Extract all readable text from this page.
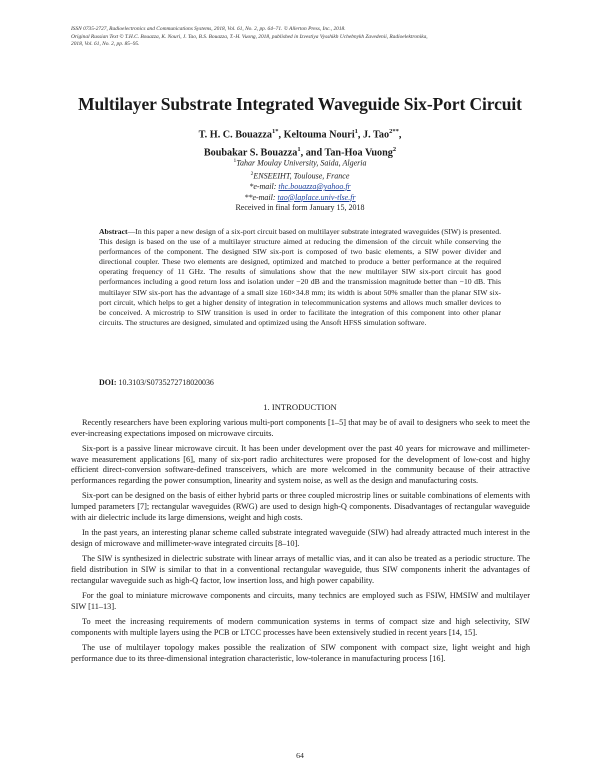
ISSN 0735-2727, Radioelectronics and Communications Systems, 2018, Vol. 61, No. 2, pp. 64–71. © Allerton Press, Inc., 2018.
Original Russian Text © T.H.C. Bouazza, K. Nouri, J. Tao, B.S. Bouazza, T.-H. Vuong, 2018, published in Izvestiya Vysshikh Uchebnykh Zavedenii, Radioelektronika,
2018, Vol. 61, No. 2, pp. 85–95.
Multilayer Substrate Integrated Waveguide Six-Port Circuit
T. H. C. Bouazza$^{1*}$, Keltouma Nouri$^1$, J. Tao$^{2**}$,
Boubakar S. Bouazza$^1$, and Tan-Hoa Vuong$^2$
$^1$Tahar Moulay University, Saida, Algeria
$^2$ENSEEIHT, Toulouse, France
*e-mail: thc.bouazza@yahoo.fr
**e-mail: tao@laplace.univ-tlse.fr
Received in final form January 15, 2018
Abstract—In this paper a new design of a six-port circuit based on multilayer substrate integrated waveguides (SIW) is presented. This design is based on the use of a multilayer structure aimed at reducing the dimension of the circuit while conserving the performances of the component. The designed SIW six-port is composed of two basic elements, a SIW power divider and directional coupler. These two elements are designed, optimized and matched to produce a better performance at the required operating frequency of 11 GHz. The results of simulations show that the new multilayer SIW six-port circuit has good performances including a good return loss and isolation under −20 dB and the transmission magnitude better than −10 dB. This multilayer SIW six-port has the advantage of a small size 160×34.8 mm; its width is about 50% smaller than the planar SIW six-port circuit, which helps to get a higher density of integration in telecommunication systems and allows much smaller devices to be conceived. A microstrip to SIW transition is used in order to facilitate the integration of this component into other planar circuits. The structures are designed, simulated and optimized using the Ansoft HFSS simulation software.
DOI: 10.3103/S0735272718020036
1. INTRODUCTION

Recently researchers have been exploring various multi-port components [1–5] that may be of avail to designers who seek to meet the ever-increasing expectations imposed on microwave circuits.

Six-port is a passive linear microwave circuit. It has been under development over the past 40 years for microwave and millimeter-wave measurement applications [6], many of six-port radio architectures were proposed for the development of low-cost and highy efficient direct-conversion software-defined transceivers, which are more welcomed in the community because of their attractive performances regarding the power consumption, linearity and system noise, as well as the design and manufacturing costs.

Six-port can be designed on the basis of either hybrid parts or three coupled microstrip lines or suitable combinations of elements with lumped parameters [7]; rectangular waveguides (RWG) are used to design high-Q components. Disadvantages of rectangular waveguide with air dielectric include its large dimensions, weight and high costs.

In the past years, an interesting planar scheme called substrate integrated waveguide (SIW) had already attracted much interest in the design of microwave and millimeter-wave integrated circuits [8–10].

The SIW is synthesized in dielectric substrate with linear arrays of metallic vias, and it can also be treated as a periodic structure. The field distribution in SIW is similar to that in a conventional rectangular waveguide, thus SIW components inherit the advantages of rectangular waveguide such as high-Q factor, low insertion loss, and high power capability.

For the goal to miniature microwave components and circuits, many technics are employed such as FSIW, HMSIW and multilayer SIW [11–13].

To meet the increasing requirements of modern communication systems in terms of compact size and high selectivity, SIW components with multiple layers using the PCB or LTCC processes have been extensively studied in recent years [14, 15].

The use of multilayer topology makes possible the realization of SIW component with compact size, light weight and high performance due to its three-dimensional integration characteristic, low-tolerance in manufacturing process [16].

64
